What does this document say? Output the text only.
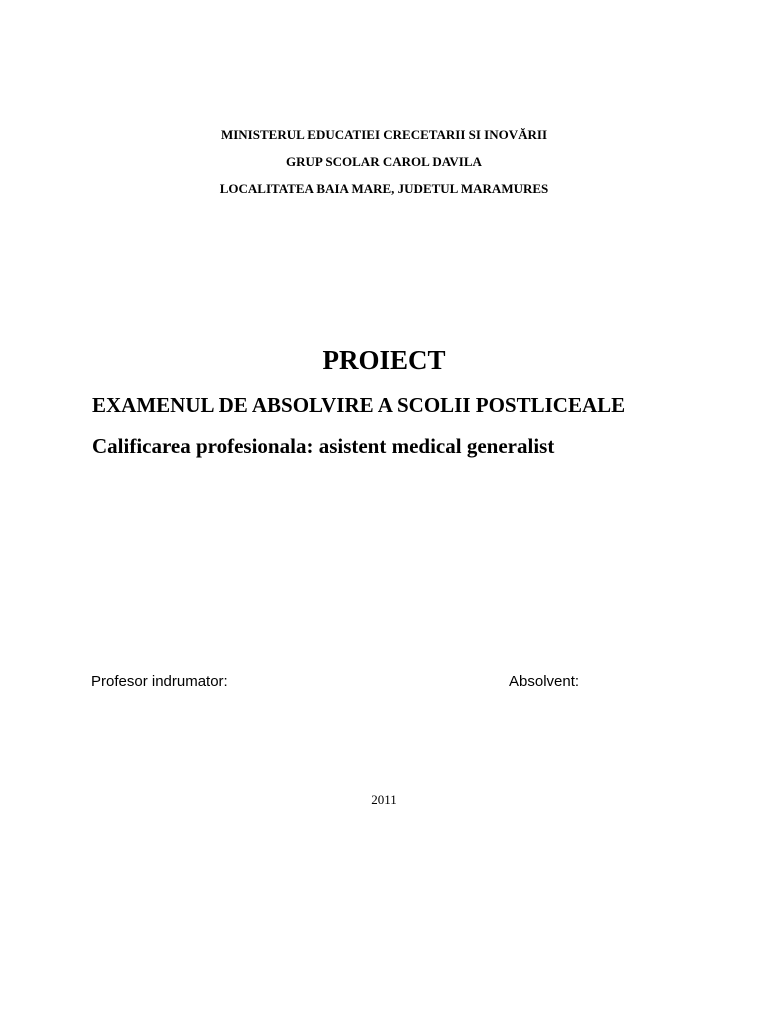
MINISTERUL EDUCATIEI CRECETARII SI INOVĂRII
GRUP SCOLAR CAROL DAVILA
LOCALITATEA BAIA MARE, JUDETUL MARAMURES
PROIECT
EXAMENUL DE ABSOLVIRE A SCOLII POSTLICEALE
Calificarea profesionala: asistent medical generalist
Profesor indrumator:	Absolvent:
2011
